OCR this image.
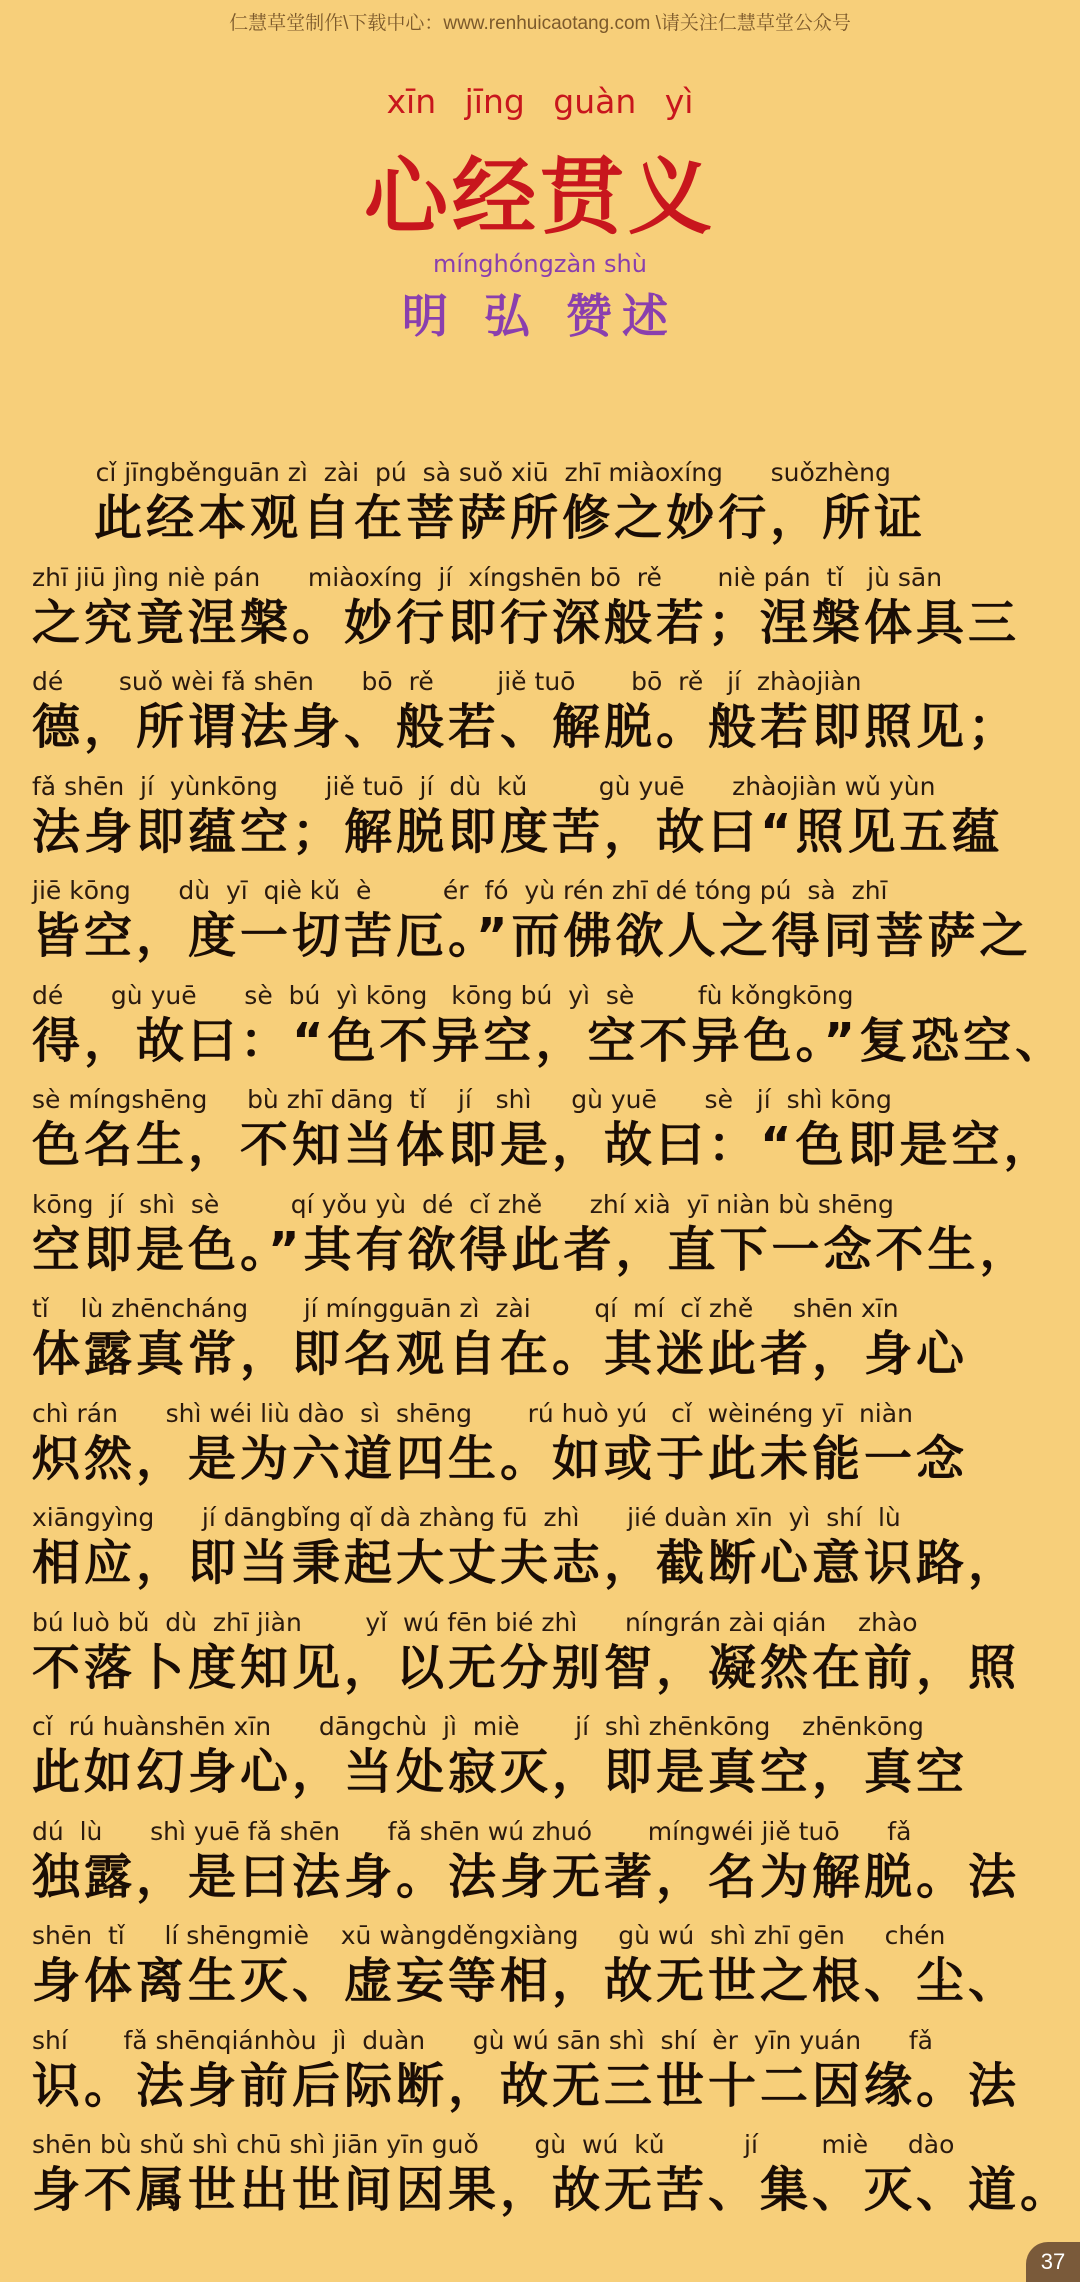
仁慧草堂制作\下载中心：www.renhuicaotang.com \请关注仁慧草堂公众号
xīn jīng guàn yì
心经贯义
mínghóngzàn shù
明 弘 赞述
cǐ jīngběnguān zì  zài  pú  sà suǒ xiū  zhī miàoxíng      suǒzhèng
此经本观自在菩萨所修之妙行，所证
zhī jiū jìng niè pán      miàoxíng  jí  xíngshēn bō  rě       niè pán  tǐ   jù sān
之究竟涅槃。妙行即行深般若；涅槃体具三
dé       suǒ wèi fǎ shēn      bō  rě        jiě tuō       bō  rě   jí  zhàojiàn
德，所谓法身、般若、解脱。般若即照见；
fǎ shēn  jí  yùnkōng      jiě tuō  jí  dù  kǔ         gù yuē      zhàojiàn wǔ yùn
法身即蕴空；解脱即度苦，故曰“照见五蕴
jiē kōng      dù  yī  qiè kǔ  è         ér  fó  yù rén zhī dé tóng pú  sà  zhī
皆空，度一切苦厄。”而佛欲人之得同菩萨之
dé      gù yuē      sè  bú  yì kōng   kōng bú  yì  sè        fù kǒngkōng
得，故曰：“色不异空，空不异色。”复恐空、
sè míngshēng     bù zhī dāng  tǐ    jí   shì     gù yuē      sè   jí  shì kōng
色名生，不知当体即是，故曰：“色即是空，
kōng  jí  shì  sè         qí yǒu yù  dé  cǐ zhě      zhí xià  yī niàn bù shēng
空即是色。”其有欲得此者，直下一念不生，
tǐ    lù zhēncháng       jí míngguān zì  zài        qí  mí  cǐ zhě     shēn xīn
体露真常，即名观自在。其迷此者，身心
chì rán      shì wéi liù dào  sì  shēng       rú huò yú   cǐ  wèinéng yī  niàn
炽然，是为六道四生。如或于此未能一念
xiāngyìng      jí dāngbǐng qǐ dà zhàng fū  zhì      jié duàn xīn  yì  shí  lù
相应，即当秉起大丈夫志，截断心意识路，
bú luò bǔ  dù  zhī jiàn        yǐ  wú fēn bié zhì      níngrán zài qián    zhào
不落卜度知见，以无分别智，凝然在前，照
cǐ  rú huànshēn xīn      dāngchù  jì  miè       jí  shì zhēnkōng    zhēnkōng
此如幻身心，当处寂灭，即是真空，真空
dú  lù      shì yuē fǎ shēn      fǎ shēn wú zhuó       míngwéi jiě tuō      fǎ
独露，是曰法身。法身无著，名为解脱。法
shēn  tǐ     lí shēngmiè    xū wàngděngxiàng     gù wú  shì zhī gēn     chén
身体离生灭、虚妄等相，故无世之根、尘、
shí       fǎ shēnqiánhòu  jì  duàn      gù wú sān shì  shí  èr  yīn yuán      fǎ
识。法身前后际断，故无三世十二因缘。法
shēn bù shǔ shì chū shì jiān yīn guǒ       gù  wú  kǔ          jí        miè     dào
身不属世出世间因果，故无苦、集、灭、道。
37
